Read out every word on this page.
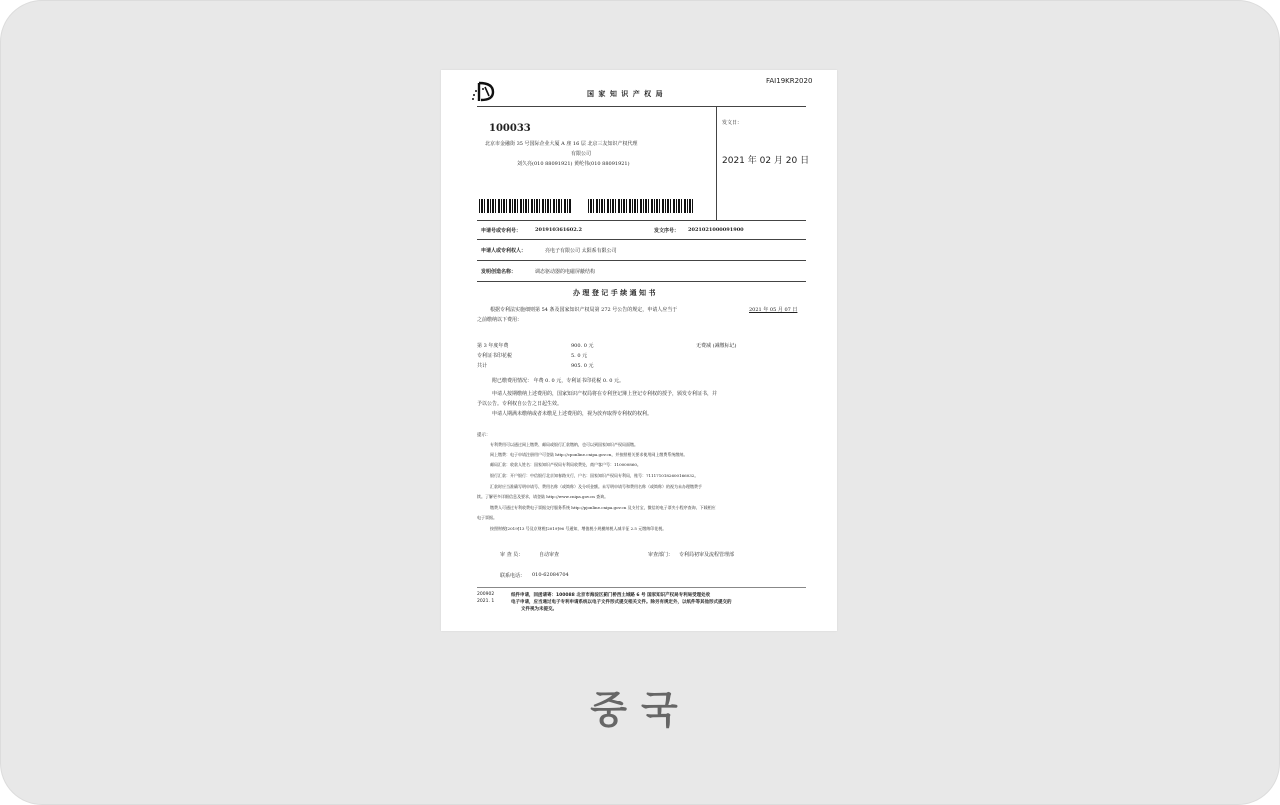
FAI19KR2020
国 家 知 识 产 权 局
100033
北京市金融街 35 号国际企业大厦 A 座 16 层 北京三友知识产权代理
有限公司
刘久亮(010 88091921) 黄纶伟(010 88091921)
发文日：
2021 年 02 月 20 日
申请号或专利号：	201910361602.2	发文序号： 2021021000091900
申请人或专利权人：	亮电子有限公司 太阳系有限公司
发明创造名称：	调态驱动器的电磁屏蔽结构
办 理 登 记 手 续 通 知 书
根据专利法实施细则第 54 条及国家知识产权局第 272 号公告的规定，申请人应当于	2021 年 05 月 07 日
之前缴纳以下费用：
第 3 年度年费	900. 0 元	无费减 (减缴标记)
专利证书印花税	5. 0 元
共计	905. 0 元
附已缴费用情况： 年费 0. 0 元，专利证书印花税 0. 0 元。
申请人按期缴纳上述费用的，国家知识产权局将在专利登记簿上登记专利权的授予，颁发专利证书，并
予以公告。专利权自公告之日起生效。
申请人期满未缴纳或者未缴足上述费用的，视为放弃取得专利权的权利。
提示：
专利费用可以通过网上缴费、邮局或银行汇款缴纳，也可以到国家知识产权局面缴。
网上缴费：电子申请注册用户可登陆 http://cponline.cnipa.gov.cn，并按照相关要求使用网上缴费系统缴纳。
邮局汇款：收款人姓名：国家知识产权局专利局收费处，商户客户号：110000860。
银行汇款：开户银行：中信银行北京知春路支行，户名：国家知识产权局专利局，账号：7111710182600166032。
汇款时应当准确写明申请号、费用名称（或简称）及分项金额。未写明申请号和费用名称（或简称）的视为未办理缴费手
续。了解更多详细信息及要求，请登陆 http://www.cnipa.gov.cn 查询。
缴费人可通过专利收费电子票据交付服务系统 http://pjonline.cnipa.gov.cn 及支付宝，微信的电子票夹小程序查询、下载相应
电子票据。
按照财税[2019]13 号及京财税[2019]96 号通知，增值税小规模纳税人减半征 2.5 元缴纳印花税。
审 查 员：	自动审查	审查部门： 专利局初审及流程管理部
联系电话： 010-62084704
200902
2021. 1
纸件申请，回函请寄：100088 北京市海淀区蓟门桥西土城路 6 号 国家知识产权局专利局受理处收
电子申请，应当通过电子专利申请系统以电子文件形式提交相关文件。除另有规定外，以纸件等其他形式提交的
文件视为未提交。
중국
